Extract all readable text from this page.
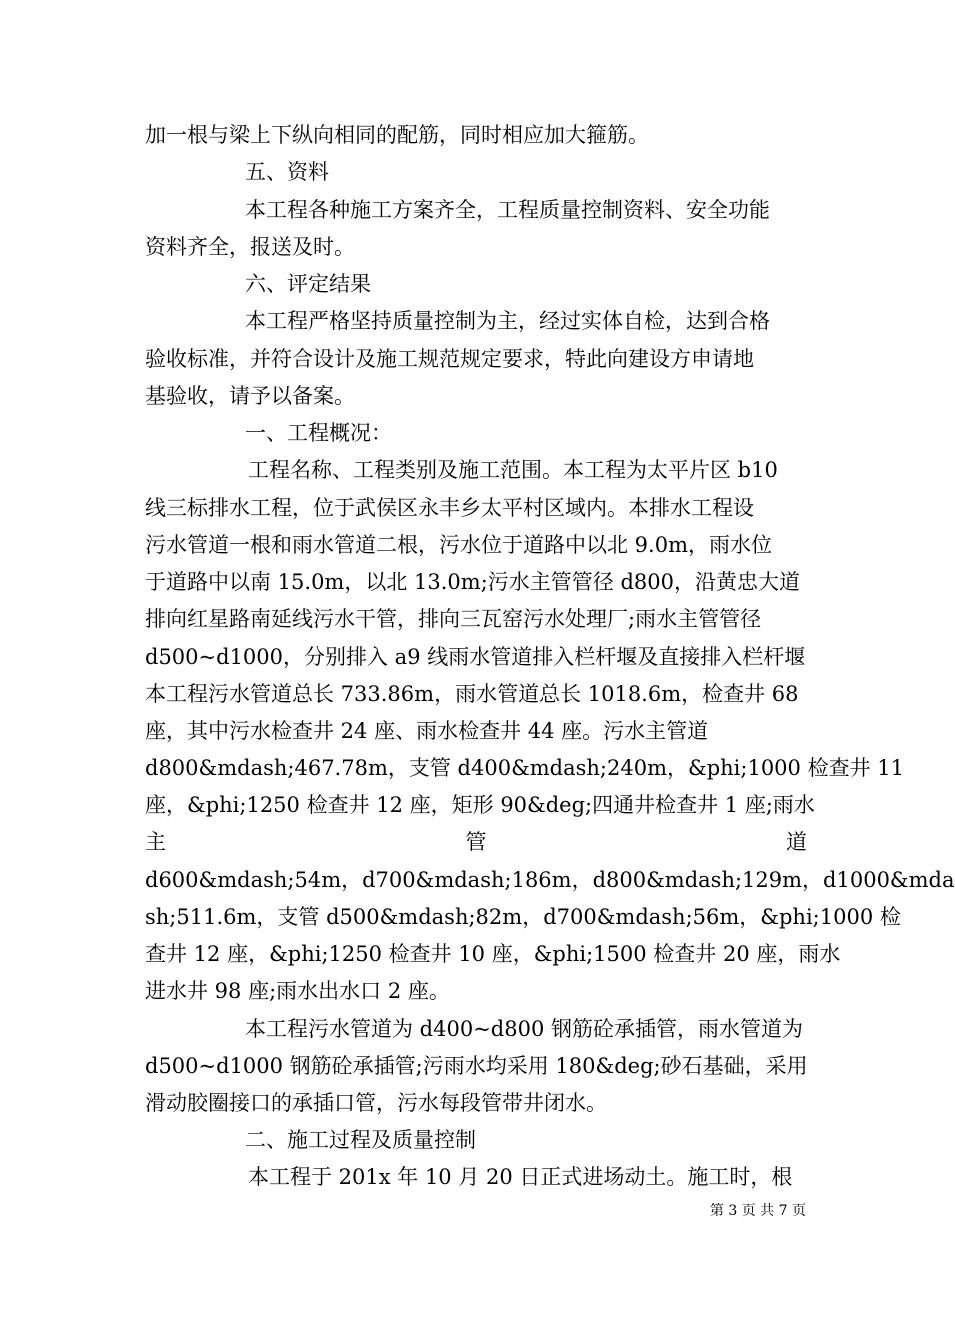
加一根与梁上下纵向相同的配筋，同时相应加大箍筋。
五、资料
本工程各种施工方案齐全，工程质量控制资料、安全功能
资料齐全，报送及时。
六、评定结果
本工程严格坚持质量控制为主，经过实体自检，达到合格
验收标准，并符合设计及施工规范规定要求，特此向建设方申请地
基验收，请予以备案。
一、工程概况：
工程名称、工程类别及施工范围。本工程为太平片区 b10
线三标排水工程，位于武侯区永丰乡太平村区域内。本排水工程设
污水管道一根和雨水管道二根，污水位于道路中以北 9.0m，雨水位
于道路中以南 15.0m，以北 13.0m;污水主管管径 d800，沿黄忠大道
排向红星路南延线污水干管，排向三瓦窑污水处理厂;雨水主管管径
d500~d1000，分别排入 a9 线雨水管道排入栏杆堰及直接排入栏杆堰
本工程污水管道总长 733.86m，雨水管道总长 1018.6m，检查井 68
座，其中污水检查井 24 座、雨水检查井 44 座。污水主管道
d800&mdash;467.78m，支管 d400&mdash;240m，&phi;1000 检查井 11
座，&phi;1250 检查井 12 座，矩形 90&deg;四通井检查井 1 座;雨水
主	管	道
d600&mdash;54m，d700&mdash;186m，d800&mdash;129m，d1000&mda
sh;511.6m，支管 d500&mdash;82m，d700&mdash;56m，&phi;1000 检
查井 12 座，&phi;1250 检查井 10 座，&phi;1500 检查井 20 座，雨水
进水井 98 座;雨水出水口 2 座。
本工程污水管道为 d400~d800 钢筋砼承插管，雨水管道为
d500~d1000 钢筋砼承插管;污雨水均采用 180&deg;砂石基础，采用
滑动胶圈接口的承插口管，污水每段管带井闭水。
二、施工过程及质量控制
本工程于 201x 年 10 月 20 日正式进场动土。施工时，根
第 3 页 共 7 页
